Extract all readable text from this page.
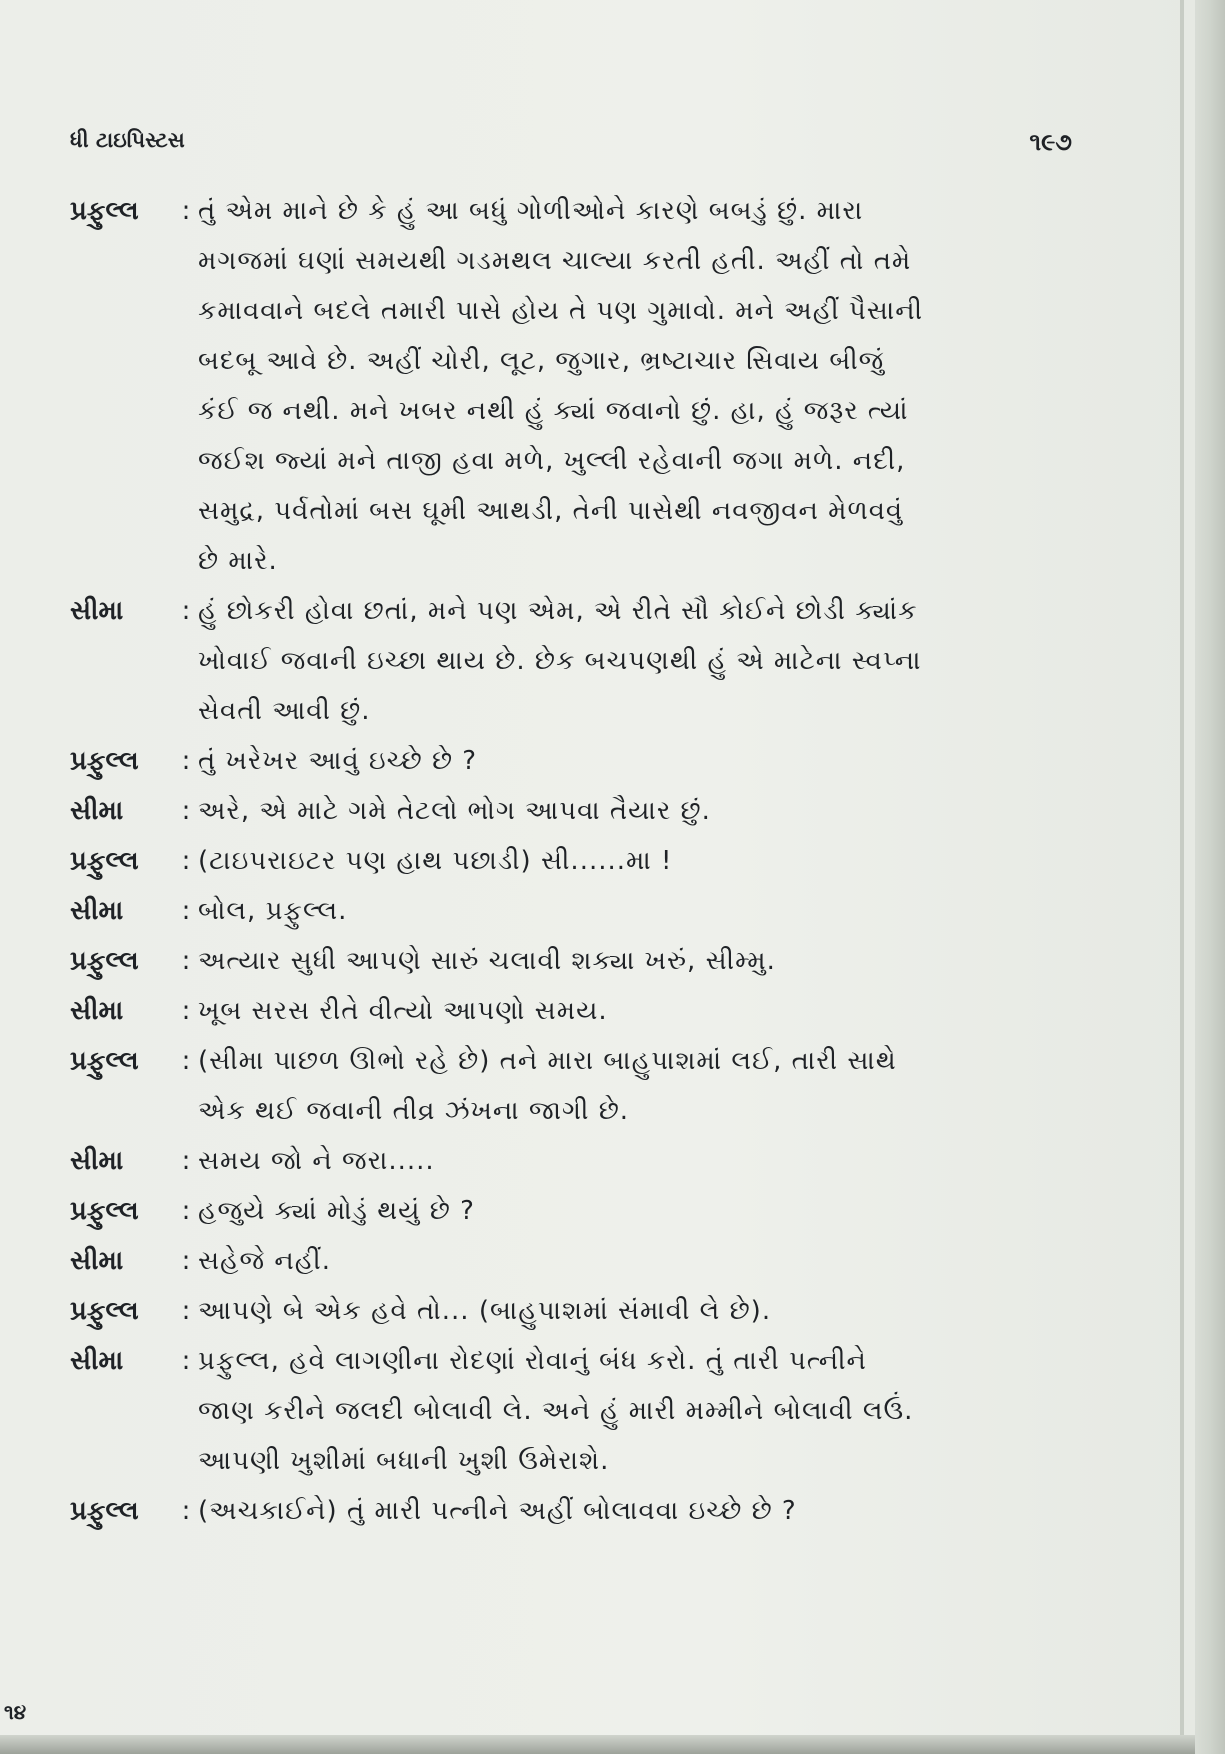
ધી ટાઇપિસ્ટસ	૧૯૭
પ્રફુલ્લ	: તું એમ માને છે કે હું આ બધું ગોળીઓને કારણે બબડું છું. મારા
મગજમાં ઘણાં સમયથી ગડમથલ ચાલ્યા કરતી હતી. અહીં તો તમે
કમાવવાને બદલે તમારી પાસે હોય તે પણ ગુમાવો. મને અહીં પૈસાની
બદબૂ આવે છે. અહીં ચોરી, લૂટ, જુગાર, ભ્રષ્ટાચાર સિવાય બીજું
કંઈ જ નથી. મને ખબર નથી હું ક્યાં જવાનો છું. હા, હું જરૂર ત્યાં
જઈશ જ્યાં મને તાજી હવા મળે, ખુલ્લી રહેવાની જગા મળે. નદી,
સમુદ્ર, પર્વતોમાં બસ ઘૂમી આથડી, તેની પાસેથી નવજીવન મેળવવું
છે મારે.
સીમા	: હું છોકરી હોવા છતાં, મને પણ એમ, એ રીતે સૌ કોઈને છોડી ક્યાંક
ખોવાઈ જવાની ઇચ્છા થાય છે. છેક બચપણથી હું એ માટેના સ્વપ્ના
સેવતી આવી છું.
પ્રફુલ્લ	: તું ખરેખર આવું ઇચ્છે છે ?
સીમા	: અરે, એ માટે ગમે તેટલો ભોગ આપવા તૈયાર છું.
પ્રફુલ્લ	: (ટાઇપરાઇટર પણ હાથ પછાડી) સી......મા !
સીમા	: બોલ, પ્રફુલ્લ.
પ્રફુલ્લ	: અત્યાર સુધી આપણે સારું ચલાવી શક્યા ખરું, સીમ્મુ.
સીમા	: ખૂબ સરસ રીતે વીત્યો આપણો સમય.
પ્રફુલ્લ	: (સીમા પાછળ ઊભો રહે છે) તને મારા બાહુપાશમાં લઈ, તારી સાથે
એક થઈ જવાની તીવ્ર ઝંખના જાગી છે.
સીમા	: સમય જો ને જરા.....
પ્રફુલ્લ	: હજુયે ક્યાં મોડું થયું છે ?
સીમા	: સહેજે નહીં.
પ્રફુલ્લ	: આપણે બે એક હવે તો... (બાહુપાશમાં સંમાવી લે છે).
સીમા	: પ્રફુલ્લ, હવે લાગણીના રોદણાં રોવાનું બંધ કરો. તું તારી પત્નીને
જાણ કરીને જલદી બોલાવી લે. અને હું મારી મમ્મીને બોલાવી લઉં.
આપણી ખુશીમાં બધાની ખુશી ઉમેરાશે.
પ્રફુલ્લ	: (અચકાઈને) તું મારી પત્નીને અહીં બોલાવવા ઇચ્છે છે ?
૧૪
